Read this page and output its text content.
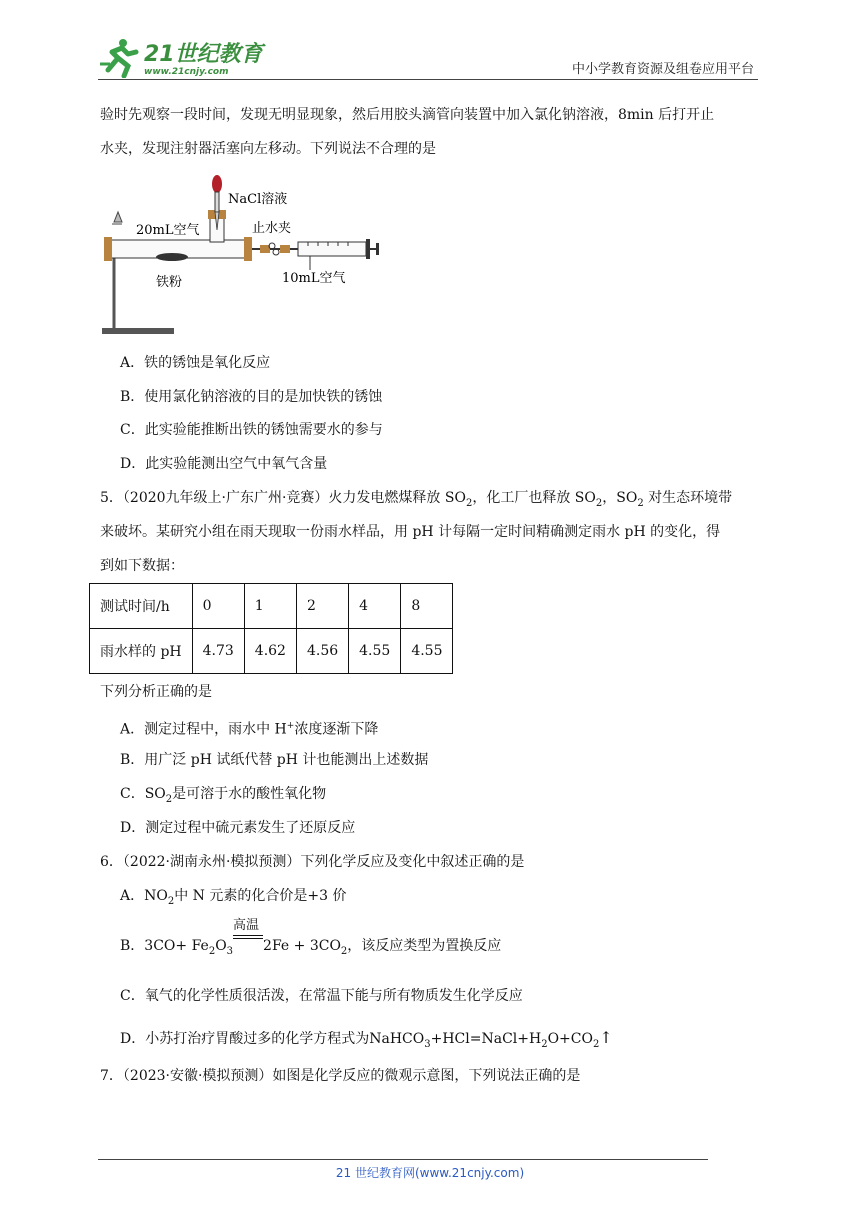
21世纪教育
www.21cnjy.com	中小学教育资源及组卷应用平台
验时先观察一段时间，发现无明显现象，然后用胶头滴管向装置中加入氯化钠溶液，8min 后打开止
水夹，发现注射器活塞向左移动。下列说法不合理的是
NaCl溶液
20mL空气	止水夹
铁粉	10mL空气
A．铁的锈蚀是氧化反应
B．使用氯化钠溶液的目的是加快铁的锈蚀
C．此实验能推断出铁的锈蚀需要水的参与
D．此实验能测出空气中氧气含量
5．（2020九年级上·广东广州·竞赛）火力发电燃煤释放 $SO_2$，化工厂也释放 $SO_2$，$SO_2$ 对生态环境带
来破坏。某研究小组在雨天现取一份雨水样品，用 pH 计每隔一定时间精确测定雨水 pH 的变化，得
到如下数据：
测试时间/h	0	1	2	4	8
雨水样的 pH	4.73	4.62	4.56	4.55	4.55
下列分析正确的是
A．测定过程中，雨水中 H+浓度逐渐下降
B．用广泛 pH 试纸代替 pH 计也能测出上述数据
C．$SO_2$是可溶于水的酸性氧化物
D．测定过程中硫元素发生了还原反应
6．（2022·湖南永州·模拟预测）下列化学反应及变化中叙述正确的是
A．$NO_2$中 N 元素的化合价是+3 价
B．$3CO+ Fe_2O_3$
高温
$2Fe + 3CO_2$，该反应类型为置换反应
C．氧气的化学性质很活泼，在常温下能与所有物质发生化学反应
D．小苏打治疗胃酸过多的化学方程式为$NaHCO_3+HCl=NaCl+H_2O+CO_2↑$
7．（2023·安徽·模拟预测）如图是化学反应的微观示意图，下列说法正确的是
21 世纪教育网(www.21cnjy.com)
